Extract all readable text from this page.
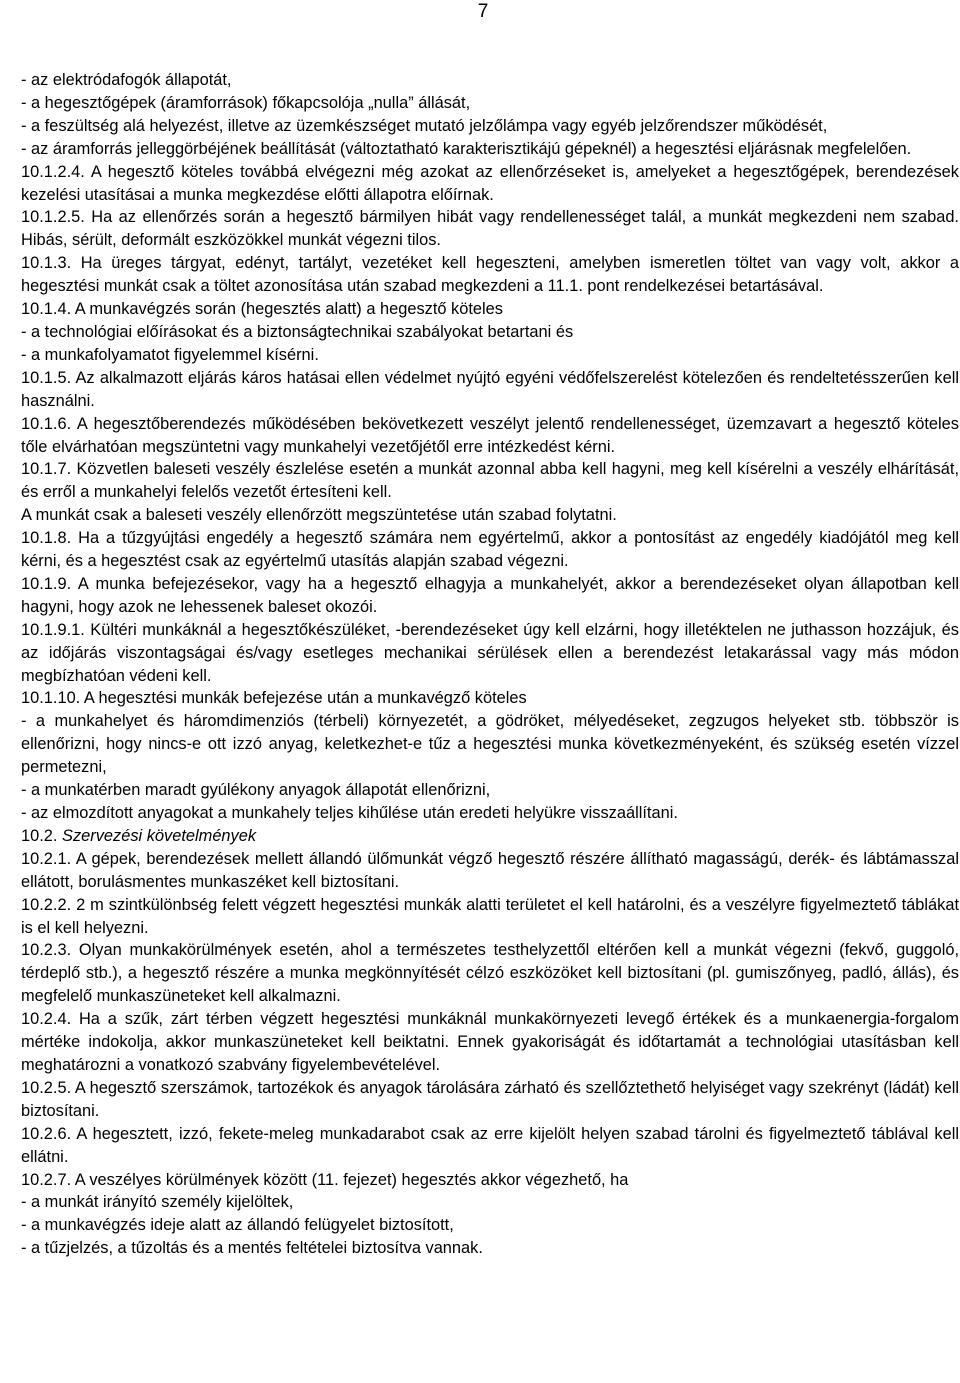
7

- az elektródafogók állapotát,

- a hegesztőgépek (áramforrások) főkapcsolója „nulla” állását,

- a feszültség alá helyezést, illetve az üzemkészséget mutató jelzőlámpa vagy egyéb jelzőrendszer működését,

- az áramforrás jelleggörbéjének beállítását (változtatható karakterisztikájú gépeknél) a hegesztési eljárásnak megfelelően.

10.1.2.4. A hegesztő köteles továbbá elvégezni még azokat az ellenőrzéseket is, amelyeket a hegesztőgépek, berendezések kezelési utasításai a munka megkezdése előtti állapotra előírnak.

10.1.2.5. Ha az ellenőrzés során a hegesztő bármilyen hibát vagy rendellenességet talál, a munkát megkezdeni nem szabad. Hibás, sérült, deformált eszközökkel munkát végezni tilos.

10.1.3. Ha üreges tárgyat, edényt, tartályt, vezetéket kell hegeszteni, amelyben ismeretlen töltet van vagy volt, akkor a hegesztési munkát csak a töltet azonosítása után szabad megkezdeni a 11.1. pont rendelkezései betartásával.

10.1.4. A munkavégzés során (hegesztés alatt) a hegesztő köteles

- a technológiai előírásokat és a biztonságtechnikai szabályokat betartani és

- a munkafolyamatot figyelemmel kísérni.

10.1.5. Az alkalmazott eljárás káros hatásai ellen védelmet nyújtó egyéni védőfelszerelést kötelezően és rendeltetésszerűen kell használni.

10.1.6. A hegesztőberendezés működésében bekövetkezett veszélyt jelentő rendellenességet, üzemzavart a hegesztő köteles tőle elvárhatóan megszüntetni vagy munkahelyi vezetőjétől erre intézkedést kérni.

10.1.7. Közvetlen baleseti veszély észlelése esetén a munkát azonnal abba kell hagyni, meg kell kísérelni a veszély elhárítását, és erről a munkahelyi felelős vezetőt értesíteni kell.

A munkát csak a baleseti veszély ellenőrzött megszüntetése után szabad folytatni.

10.1.8. Ha a tűzgyújtási engedély a hegesztő számára nem egyértelmű, akkor a pontosítást az engedély kiadójától meg kell kérni, és a hegesztést csak az egyértelmű utasítás alapján szabad végezni.

10.1.9. A munka befejezésekor, vagy ha a hegesztő elhagyja a munkahelyét, akkor a berendezéseket olyan állapotban kell hagyni, hogy azok ne lehessenek baleset okozói.

10.1.9.1. Kültéri munkáknál a hegesztőkészüléket, -berendezéseket úgy kell elzárni, hogy illetéktelen ne juthasson hozzájuk, és az időjárás viszontagságai és/vagy esetleges mechanikai sérülések ellen a berendezést letakarással vagy más módon megbízhatóan védeni kell.

10.1.10. A hegesztési munkák befejezése után a munkavégző köteles

- a munkahelyet és háromdimenziós (térbeli) környezetét, a gödröket, mélyedéseket, zegzugos helyeket stb. többször is ellenőrizni, hogy nincs-e ott izzó anyag, keletkezhet-e tűz a hegesztési munka következményeként, és szükség esetén vízzel permetezni,

- a munkatérben maradt gyúlékony anyagok állapotát ellenőrizni,

- az elmozdított anyagokat a munkahely teljes kihűlése után eredeti helyükre visszaállítani.

10.2. Szervezési követelmények

10.2.1. A gépek, berendezések mellett állandó ülőmunkát végző hegesztő részére állítható magasságú, derék- és lábtámasszal ellátott, borulásmentes munkaszéket kell biztosítani.

10.2.2. 2 m szintkülönbség felett végzett hegesztési munkák alatti területet el kell határolni, és a veszélyre figyelmeztető táblákat is el kell helyezni.

10.2.3. Olyan munkakörülmények esetén, ahol a természetes testhelyzettől eltérően kell a munkát végezni (fekvő, guggoló, térdeplő stb.), a hegesztő részére a munka megkönnyítését célzó eszközöket kell biztosítani (pl. gumiszőnyeg, padló, állás), és megfelelő munkaszüneteket kell alkalmazni.

10.2.4. Ha a szűk, zárt térben végzett hegesztési munkáknál munkakörnyezeti levegő értékek és a munkaenergia-forgalom mértéke indokolja, akkor munkaszüneteket kell beiktatni. Ennek gyakoriságát és időtartamát a technológiai utasításban kell meghatározni a vonatkozó szabvány figyelembevételével.

10.2.5. A hegesztő szerszámok, tartozékok és anyagok tárolására zárható és szellőztethető helyiséget vagy szekrényt (ládát) kell biztosítani.

10.2.6. A hegesztett, izzó, fekete-meleg munkadarabot csak az erre kijelölt helyen szabad tárolni és figyelmeztető táblával kell ellátni.

10.2.7. A veszélyes körülmények között (11. fejezet) hegesztés akkor végezhető, ha

- a munkát irányító személy kijelöltek,

- a munkavégzés ideje alatt az állandó felügyelet biztosított,

- a tűzjelzés, a tűzoltás és a mentés feltételei biztosítva vannak.
